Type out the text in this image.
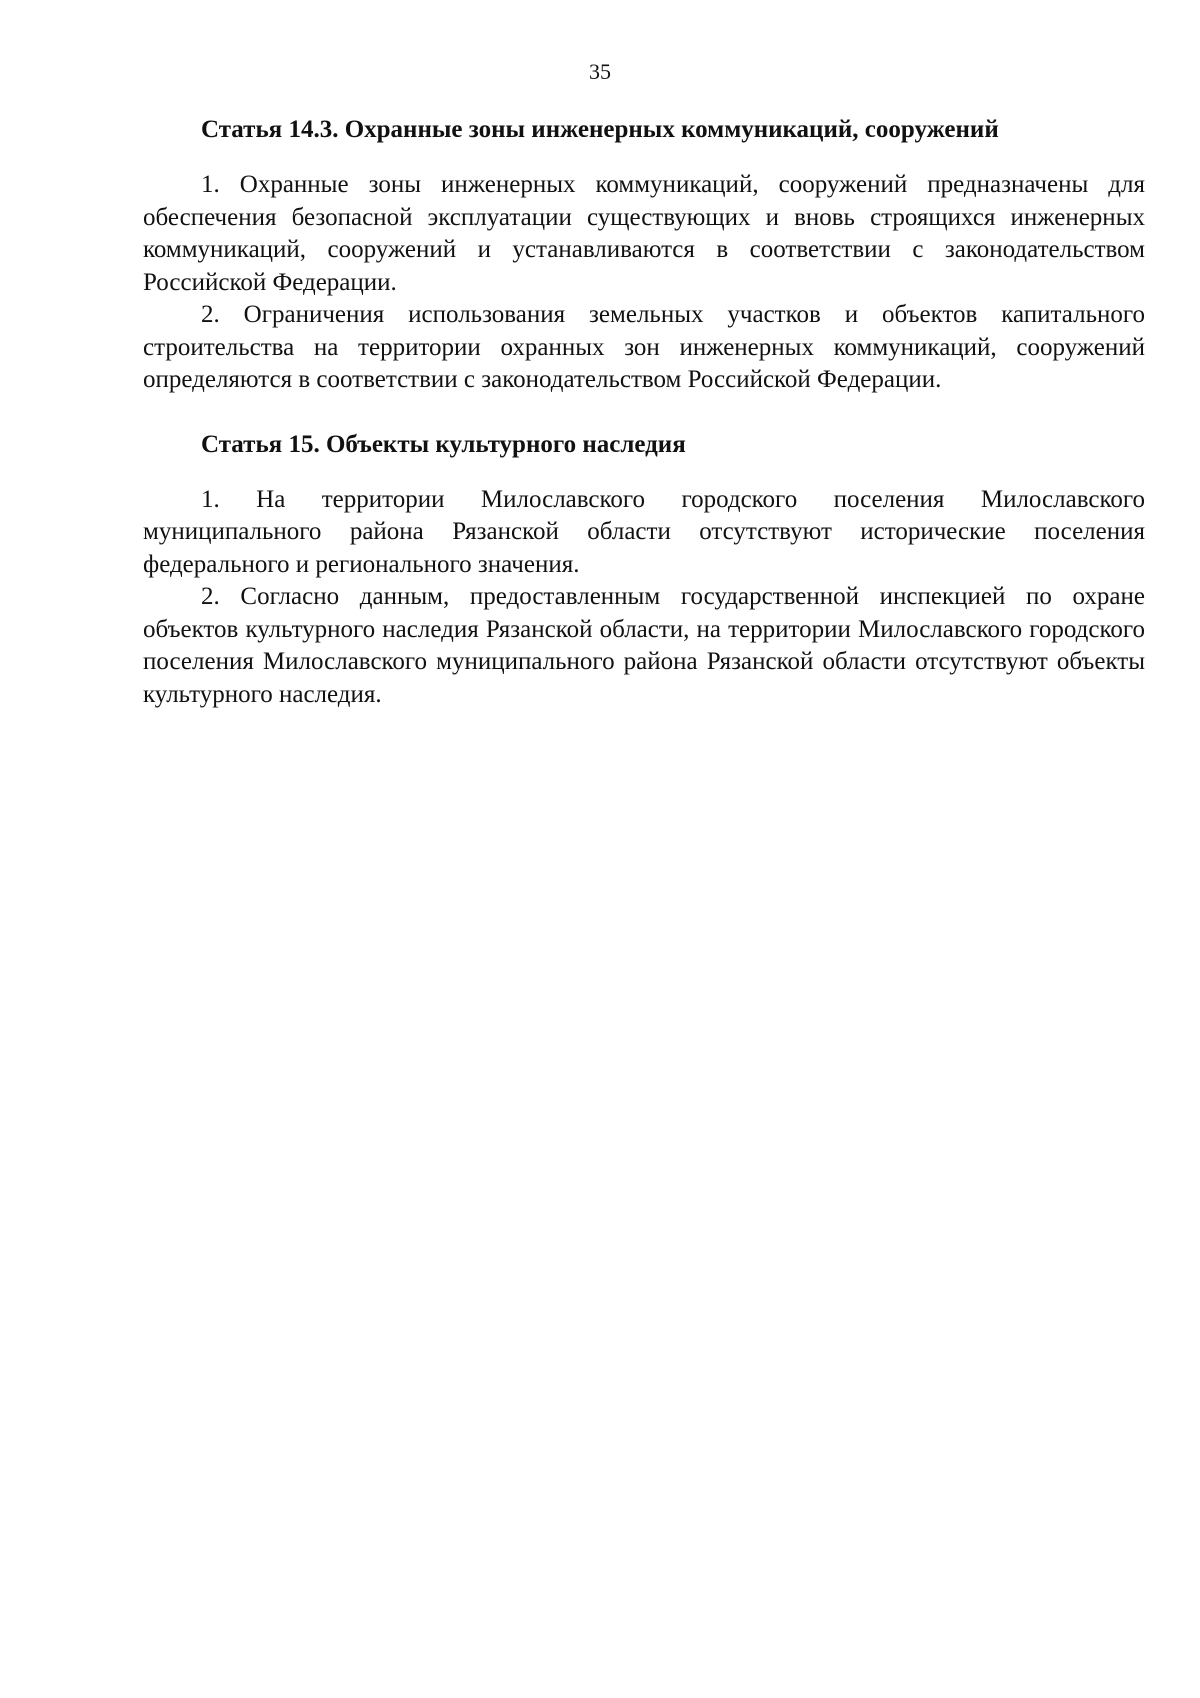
35

Статья 14.3. Охранные зоны инженерных коммуникаций, сооружений

1. Охранные зоны инженерных коммуникаций, сооружений предназначены для обеспечения безопасной эксплуатации существующих и вновь строящихся инженерных коммуникаций, сооружений и устанавливаются в соответствии с законодательством Российской Федерации.

2. Ограничения использования земельных участков и объектов капитального строительства на территории охранных зон инженерных коммуникаций, сооружений определяются в соответствии с законодательством Российской Федерации.

Статья 15. Объекты культурного наследия

1. На территории Милославского городского поселения Милославского муниципального района Рязанской области отсутствуют исторические поселения федерального и регионального значения.

2. Согласно данным, предоставленным государственной инспекцией по охране объектов культурного наследия Рязанской области, на территории Милославского городского поселения Милославского муниципального района Рязанской области отсутствуют объекты культурного наследия.
